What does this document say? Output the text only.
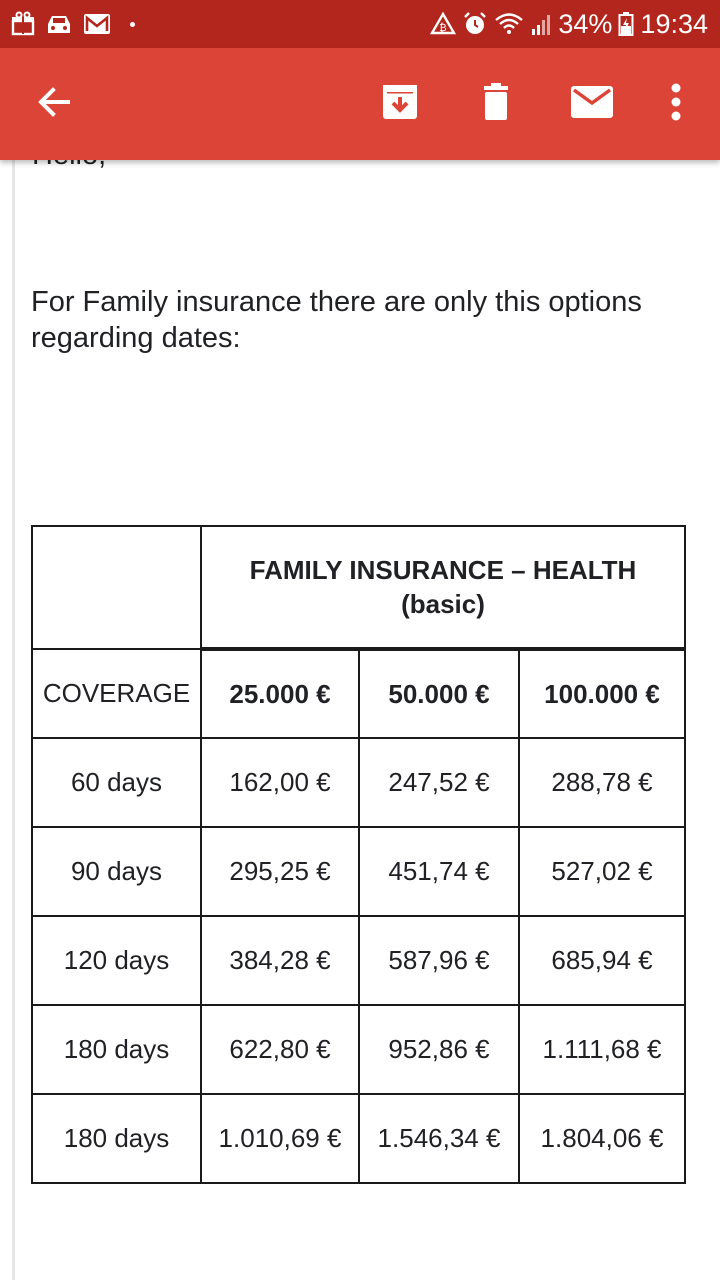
₿	34% 19:34

For Family insurance there are only this options regarding dates:

	FAMILY INSURANCE – HEALTH
(basic)		

COVERAGE	25.000 €	50.000 €	100.000 €
60 days	162,00 €	247,52 €	288,78 €
90 days	295,25 €	451,74 €	527,02 €
120 days	384,28 €	587,96 €	685,94 €
180 days	622,80 €	952,86 €	1.111,68 €
180 days	1.010,69 €	1.546,34 €	1.804,06 €
